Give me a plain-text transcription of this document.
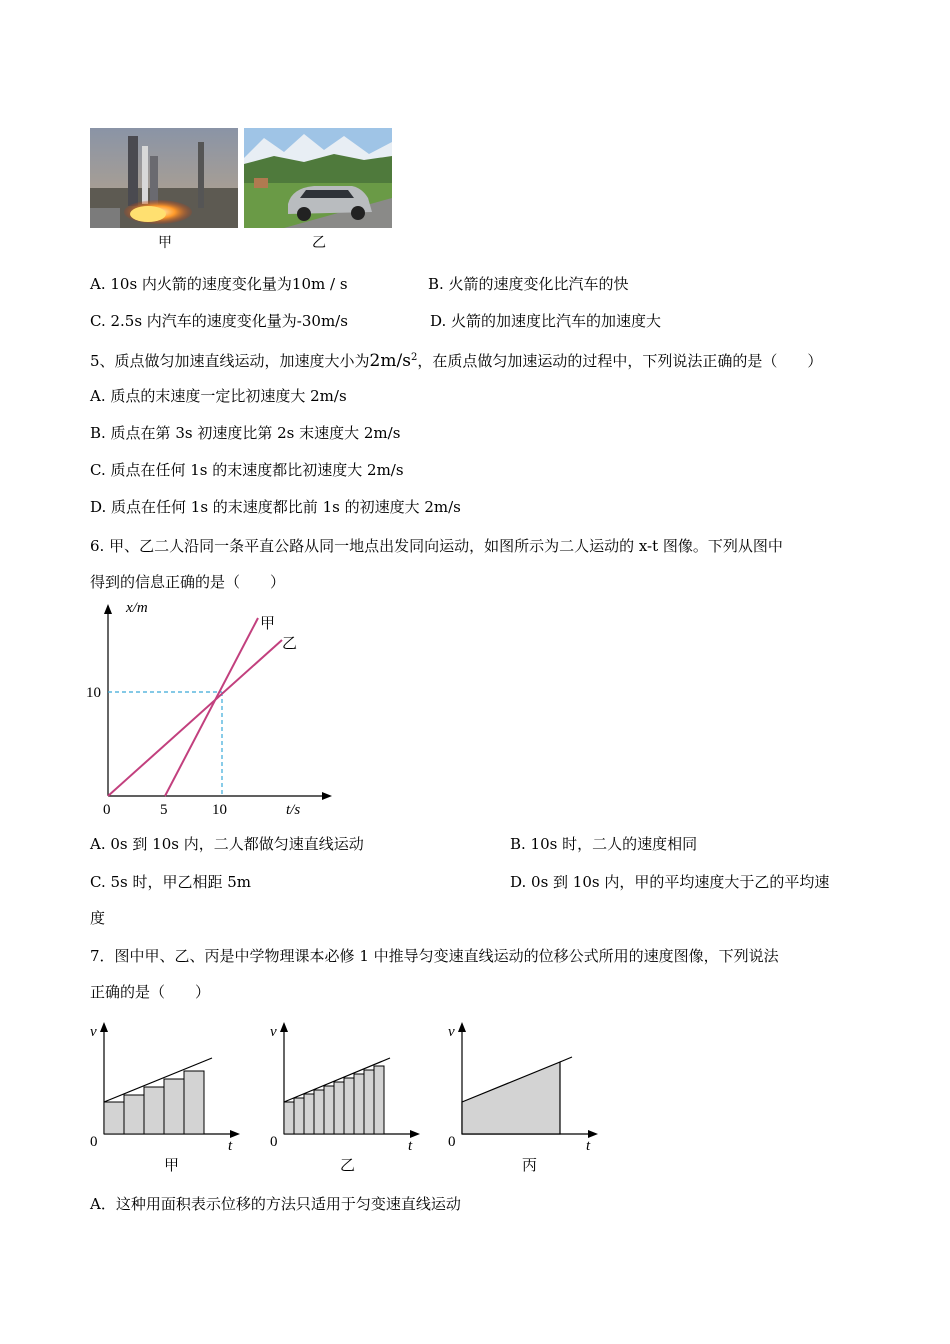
甲	乙
A. 10s 内火箭的速度变化量为10m / s	B. 火箭的速度变化比汽车的快
C. 2.5s 内汽车的速度变化量为-30m/s	D. 火箭的加速度比汽车的加速度大
5、质点做匀加速直线运动，加速度大小为$2m/s^2$，在质点做匀加速运动的过程中，下列说法正确的是（　　）
A. 质点的末速度一定比初速度大 2m/s
B. 质点在第 3s 初速度比第 2s 末速度大 2m/s
C. 质点在任何 1s 的末速度都比初速度大 2m/s
D. 质点在任何 1s 的末速度都比前 1s 的初速度大 2m/s
6. 甲、乙二人沿同一条平直公路从同一地点出发同向运动，如图所示为二人运动的 x-t 图像。下列从图中
得到的信息正确的是（　　）
x/m
t/s
0	5	10
10
甲
乙
A. 0s 到 10s 内，二人都做匀速直线运动	B. 10s 时，二人的速度相同
C. 5s 时，甲乙相距 5m	D. 0s 到 10s 内，甲的平均速度大于乙的平均速
度
7．图中甲、乙、丙是中学物理课本必修 1 中推导匀变速直线运动的位移公式所用的速度图像，下列说法
正确的是（　　）
v
t
0
甲
v
t
0
乙
v
t
0
丙
A．这种用面积表示位移的方法只适用于匀变速直线运动
